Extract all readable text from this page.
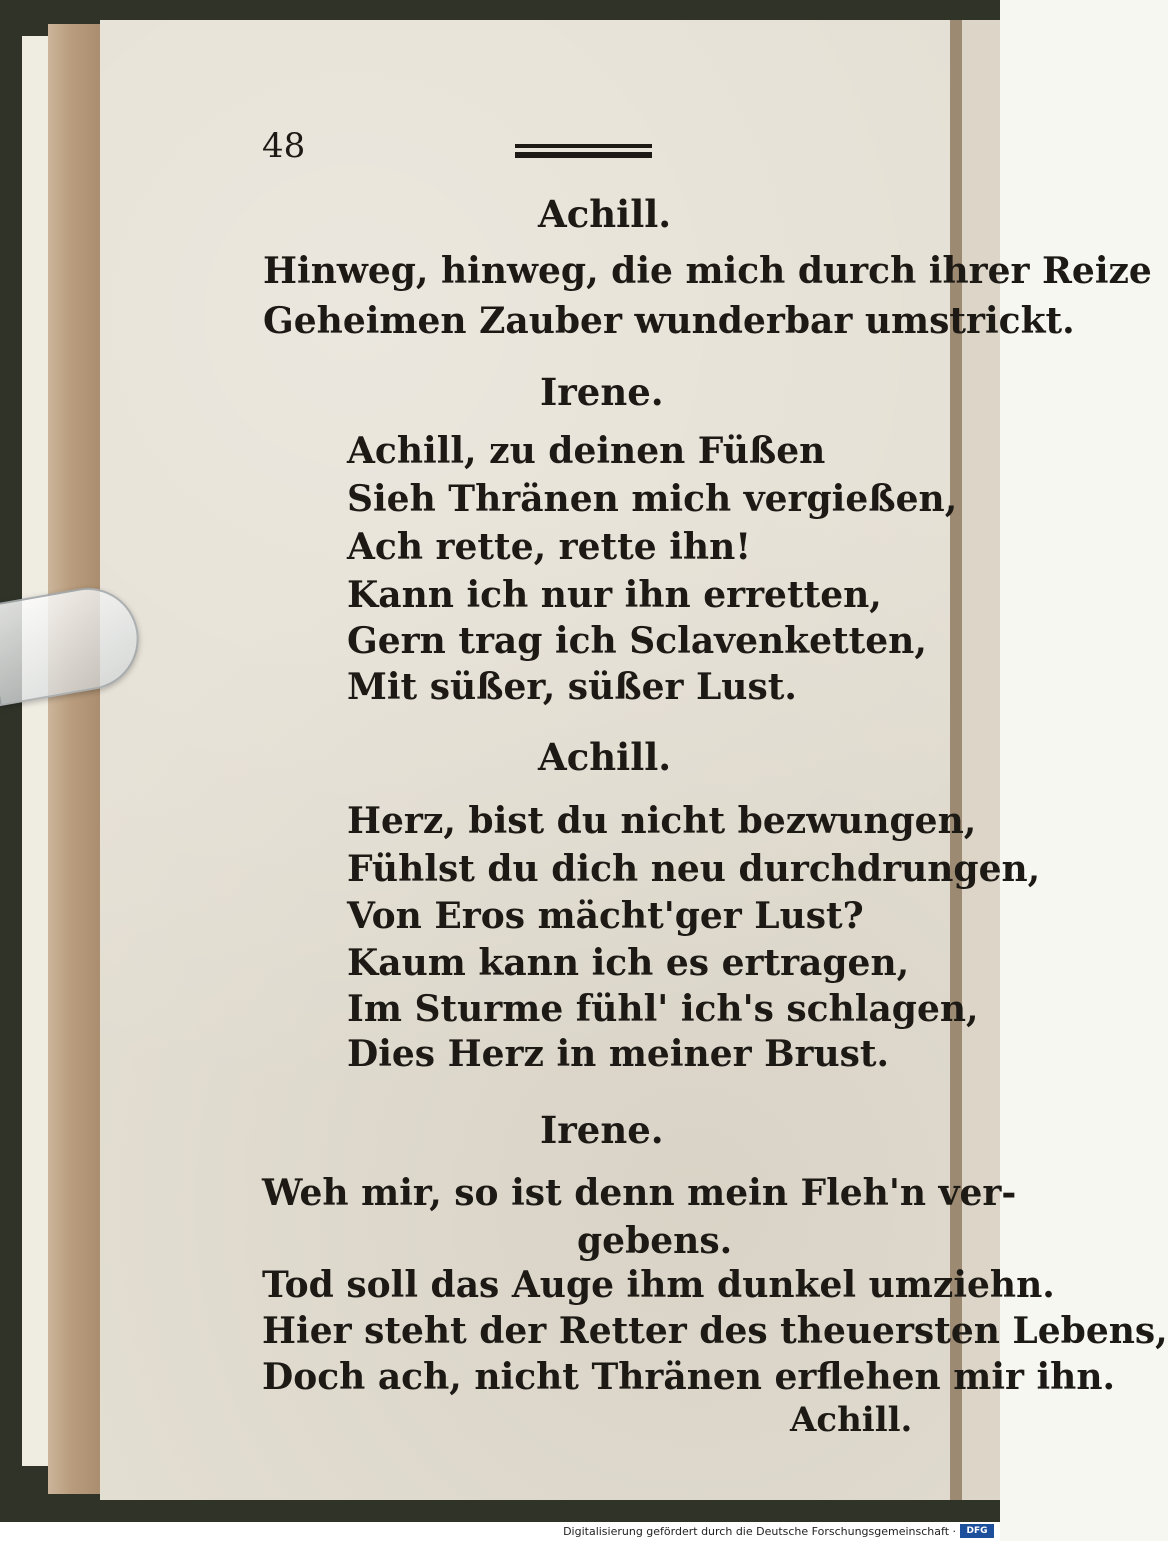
48
Achill.
Hinweg, hinweg, die mich durch ihrer Reize
Geheimen Zauber wunderbar umstrickt.
Irene.
Achill, zu deinen Füßen
Sieh Thränen mich vergießen,
Ach rette, rette ihn!
Kann ich nur ihn erretten,
Gern trag ich Sclavenketten,
Mit süßer, süßer Lust.
Achill.
Herz, bist du nicht bezwungen,
Fühlst du dich neu durchdrungen,
Von Eros mächt'ger Lust?
Kaum kann ich es ertragen,
Im Sturme fühl' ich's schlagen,
Dies Herz in meiner Brust.
Irene.
Weh mir, so ist denn mein Fleh'n ver-
gebens.
Tod soll das Auge ihm dunkel umziehn.
Hier steht der Retter des theuersten Lebens,
Doch ach, nicht Thränen erflehen mir ihn.
Achill.
Digitalisierung gefördert durch die Deutsche Forschungsgemeinschaft ·	DFG
